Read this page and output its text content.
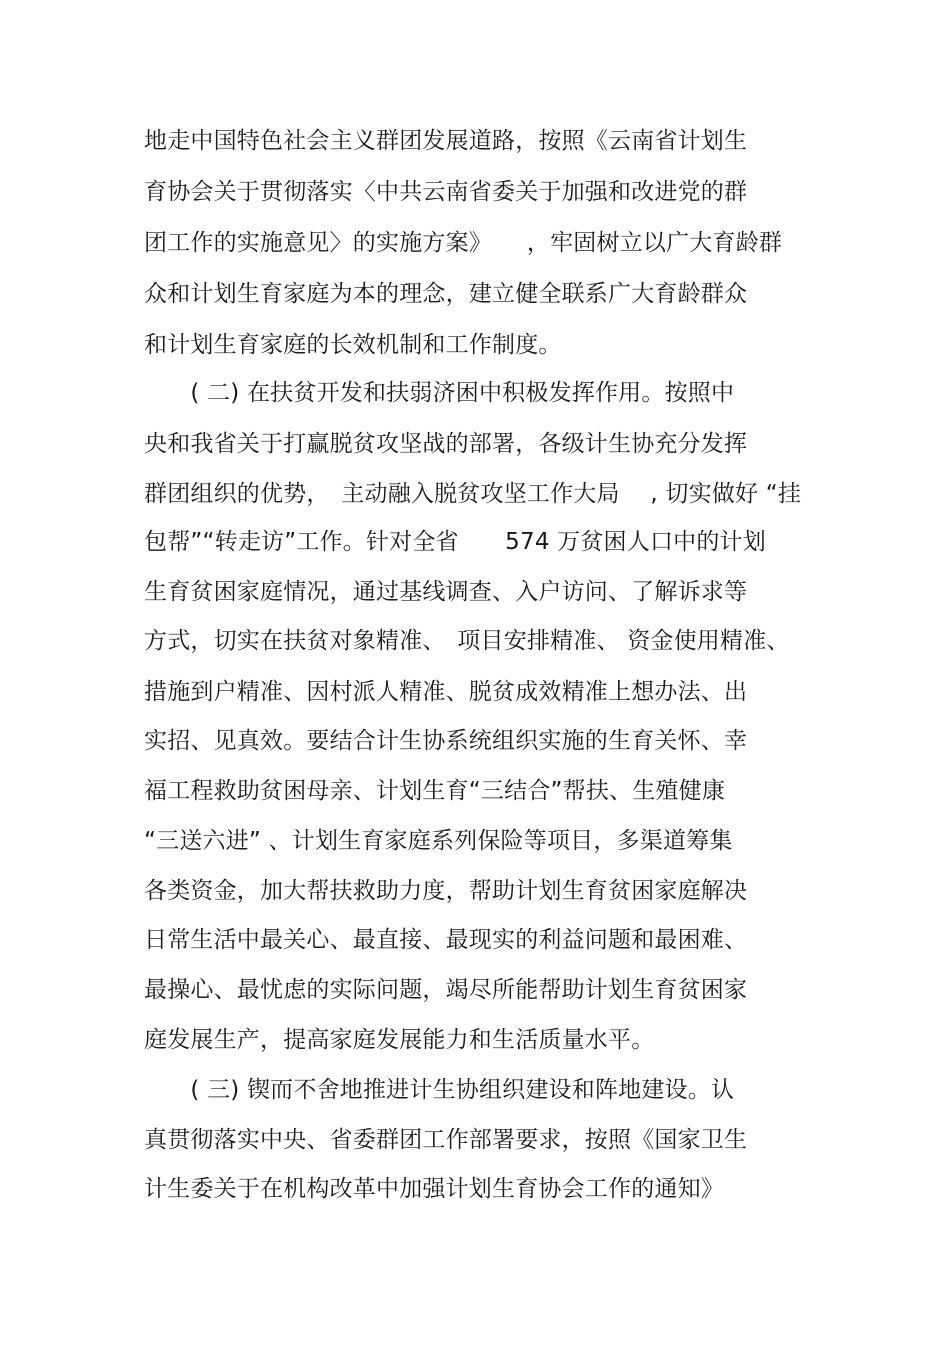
地走中国特色社会主义群团发展道路，按照《云南省计划生
育协会关于贯彻落实〈中共云南省委关于加强和改进党的群
团工作的实施意见〉的实施方案》　　，牢固树立以广大育龄群
众和计划生育家庭为本的理念，建立健全联系广大育龄群众
和计划生育家庭的长效机制和工作制度。
　　( 二) 在扶贫开发和扶弱济困中积极发挥作用。按照中
央和我省关于打赢脱贫攻坚战的部署，各级计生协充分发挥
群团组织的优势，　主动融入脱贫攻坚工作大局　 , 切实做好 “挂
包帮”“转走访”工作。针对全省　　574 万贫困人口中的计划
生育贫困家庭情况，通过基线调查、入户访问、了解诉求等
方式，切实在扶贫对象精准、　项目安排精准、 资金使用精准、
措施到户精准、因村派人精准、脱贫成效精准上想办法、出
实招、见真效。要结合计生协系统组织实施的生育关怀、幸
福工程救助贫困母亲、计划生育“三结合”帮扶、生殖健康
“三送六进” 、计划生育家庭系列保险等项目，多渠道筹集
各类资金，加大帮扶救助力度，帮助计划生育贫困家庭解决
日常生活中最关心、最直接、最现实的利益问题和最困难、
最操心、最忧虑的实际问题，竭尽所能帮助计划生育贫困家
庭发展生产，提高家庭发展能力和生活质量水平。
　　( 三) 锲而不舍地推进计生协组织建设和阵地建设。认
真贯彻落实中央、省委群团工作部署要求，按照《国家卫生
计生委关于在机构改革中加强计划生育协会工作的通知》
